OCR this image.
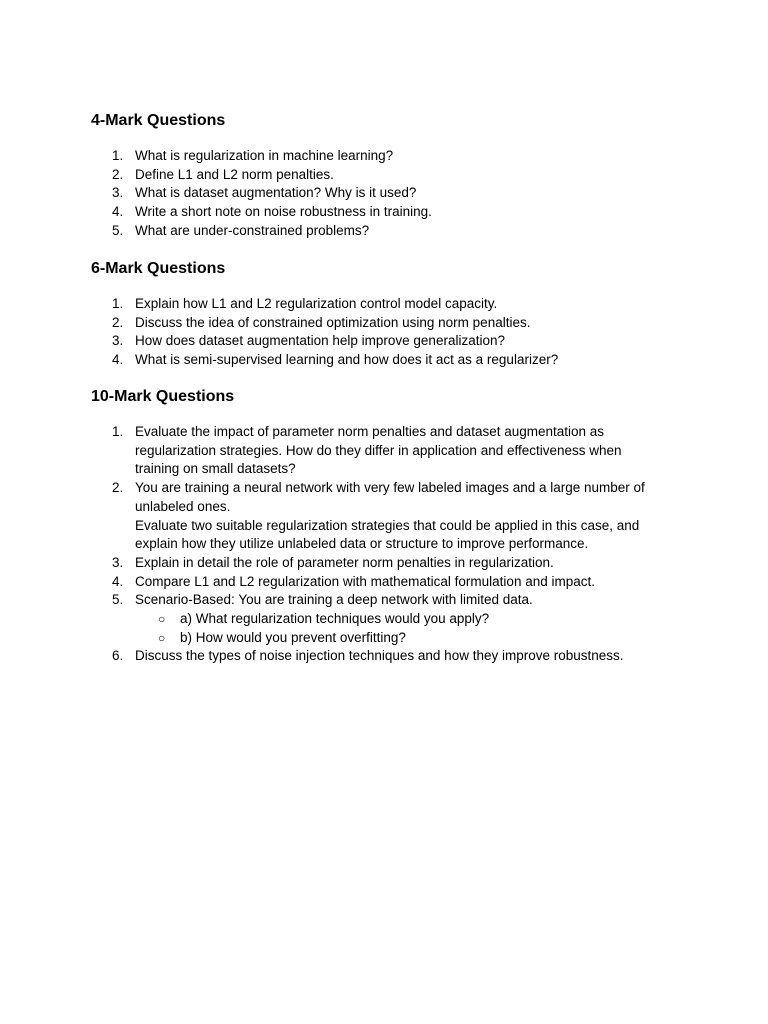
4-Mark Questions
1. What is regularization in machine learning?
2. Define L1 and L2 norm penalties.
3. What is dataset augmentation? Why is it used?
4. Write a short note on noise robustness in training.
5. What are under-constrained problems?
6-Mark Questions
1. Explain how L1 and L2 regularization control model capacity.
2. Discuss the idea of constrained optimization using norm penalties.
3. How does dataset augmentation help improve generalization?
4. What is semi-supervised learning and how does it act as a regularizer?
10-Mark Questions
1. Evaluate the impact of parameter norm penalties and dataset augmentation as
regularization strategies. How do they differ in application and effectiveness when
training on small datasets?
2. You are training a neural network with very few labeled images and a large number of
unlabeled ones.
Evaluate two suitable regularization strategies that could be applied in this case, and
explain how they utilize unlabeled data or structure to improve performance.
3. Explain in detail the role of parameter norm penalties in regularization.
4. Compare L1 and L2 regularization with mathematical formulation and impact.
5. Scenario-Based: You are training a deep network with limited data.
○ a) What regularization techniques would you apply?
○ b) How would you prevent overfitting?
6. Discuss the types of noise injection techniques and how they improve robustness.
